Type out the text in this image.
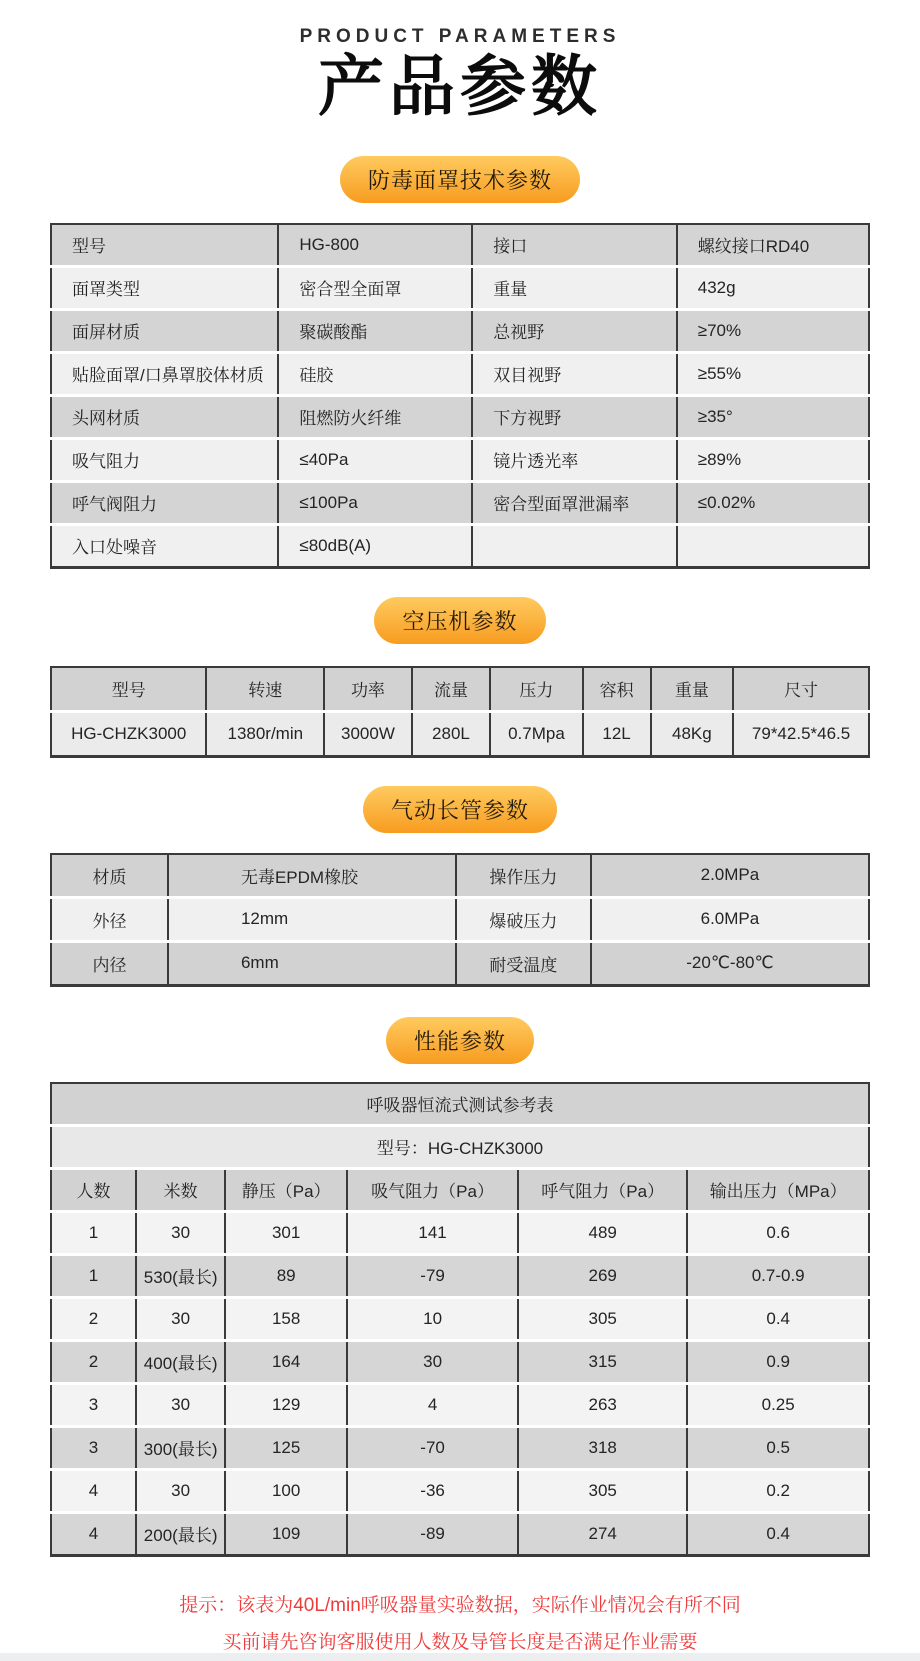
PRODUCT PARAMETERS
产品参数
防毒面罩技术参数
型号	HG-800	接口	螺纹接口RD40
面罩类型	密合型全面罩	重量	432g
面屏材质	聚碳酸酯	总视野	≥70%
贴脸面罩/口鼻罩胶体材质	硅胶	双目视野	≥55%
头网材质	阻燃防火纤维	下方视野	≥35°
吸气阻力	≤40Pa	镜片透光率	≥89%
呼气阀阻力	≤100Pa	密合型面罩泄漏率	≤0.02%
入口处噪音	≤80dB(A)		
空压机参数
型号	转速	功率	流量	压力	容积	重量	尺寸
HG-CHZK3000	1380r/min	3000W	280L	0.7Mpa	12L	48Kg	79*42.5*46.5
气动长管参数
材质	无毒EPDM橡胶	操作压力	2.0MPa
外径	12mm	爆破压力	6.0MPa
内径	6mm	耐受温度	-20℃-80℃
性能参数
呼吸器恒流式测试参考表					
型号：HG-CHZK3000					
人数	米数	静压（Pa）	吸气阻力（Pa）	呼气阻力（Pa）	输出压力（MPa）
1	30	301	141	489	0.6
1	530(最长)	89	-79	269	0.7-0.9
2	30	158	10	305	0.4
2	400(最长)	164	30	315	0.9
3	30	129	4	263	0.25
3	300(最长)	125	-70	318	0.5
4	30	100	-36	305	0.2
4	200(最长)	109	-89	274	0.4
提示：该表为40L/min呼吸器量实验数据，实际作业情况会有所不同
买前请先咨询客服使用人数及导管长度是否满足作业需要
